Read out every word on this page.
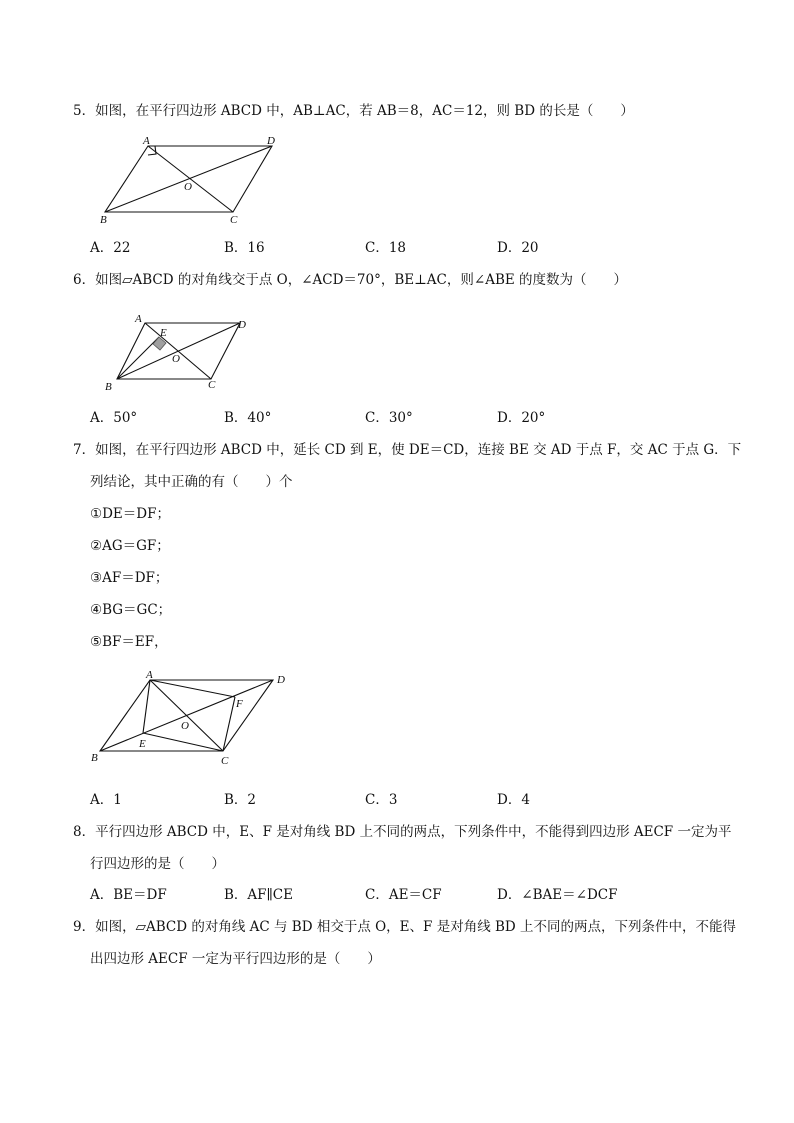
5．如图，在平行四边形 ABCD 中，AB⊥AC，若 AB＝8，AC＝12，则 BD 的长是（　　）
A	D
O
B	C
A．22	B．16	C．18	D．20
6．如图▱ABCD 的对角线交于点 O，∠ACD＝70°，BE⊥AC，则∠ABE 的度数为（　　）
A
E
D
O
B	C
A．50°	B．40°	C．30°	D．20°
7．如图，在平行四边形 ABCD 中，延长 CD 到 E，使 DE＝CD，连接 BE 交 AD 于点 F，交 AC 于点 G．下
列结论，其中正确的有（　　）个
①DE＝DF；
②AG＝GF；
③AF＝DF；
④BG＝GC；
⑤BF＝EF，
A	D
F
O
E
B	C
A．1	B．2	C．3	D．4
8．平行四边形 ABCD 中，E、F 是对角线 BD 上不同的两点，下列条件中，不能得到四边形 AECF 一定为平
行四边形的是（　　）
A．BE＝DF	B．AF∥CE	C．AE＝CF	D．∠BAE＝∠DCF
9．如图，▱ABCD 的对角线 AC 与 BD 相交于点 O，E、F 是对角线 BD 上不同的两点，下列条件中，不能得
出四边形 AECF 一定为平行四边形的是（　　）
